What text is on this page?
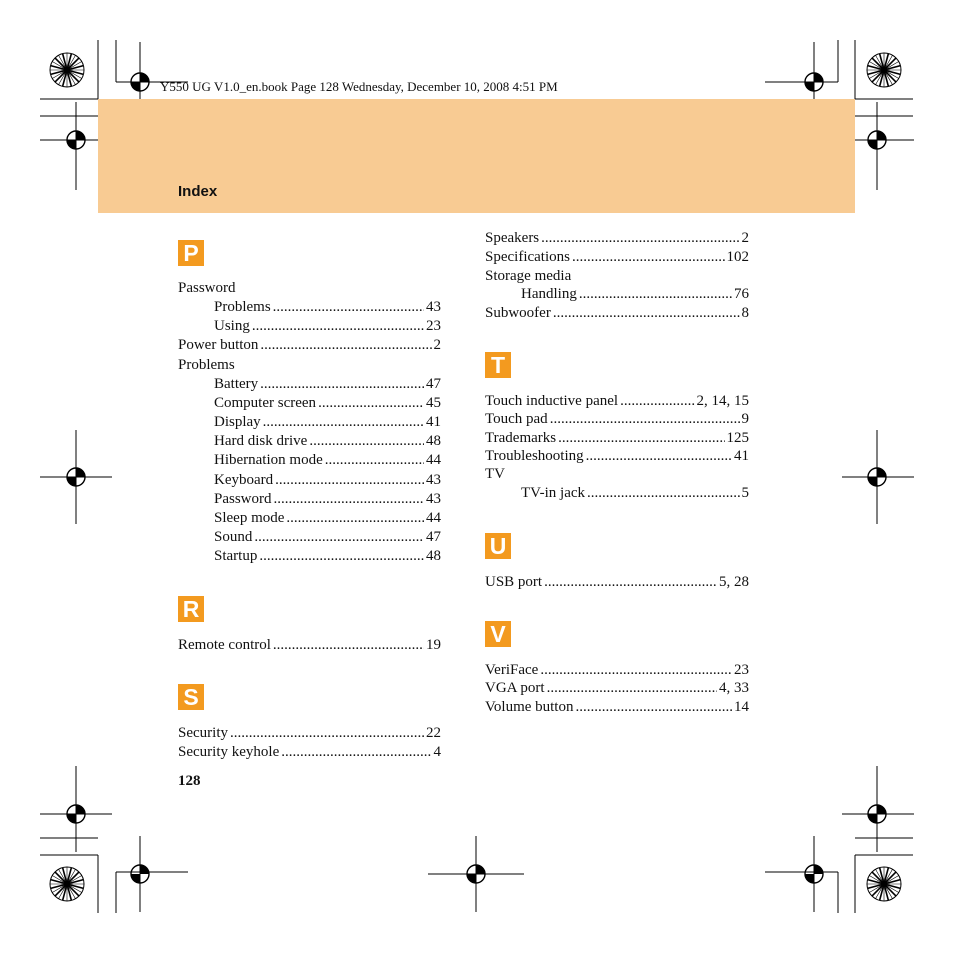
Y550 UG V1.0_en.book Page 128 Wednesday, December 10, 2008 4:51 PM
Index
P
R
S
T
U
V
Password
Problems .....	43
Using .....	23
Power button .....	2
Problems
Battery .....	47
Computer screen .....	45
Display .....	41
Hard disk drive .....	48
Hibernation mode .....	44
Keyboard .....	43
Password .....	43
Sleep mode .....	44
Sound .....	47
Startup .....	48
Remote control .....	19
Security .....	22
Security keyhole .....	4
Speakers .....	2
Specifications .....	102
Storage media
Handling .....	76
Subwoofer .....	8
Touch inductive panel .....	2, 14, 15
Touch pad .....	9
Trademarks .....	125
Troubleshooting .....	41
TV
TV-in jack .....	5
USB port .....	5, 28
VeriFace .....	23
VGA port .....	4, 33
Volume button .....	14
128
